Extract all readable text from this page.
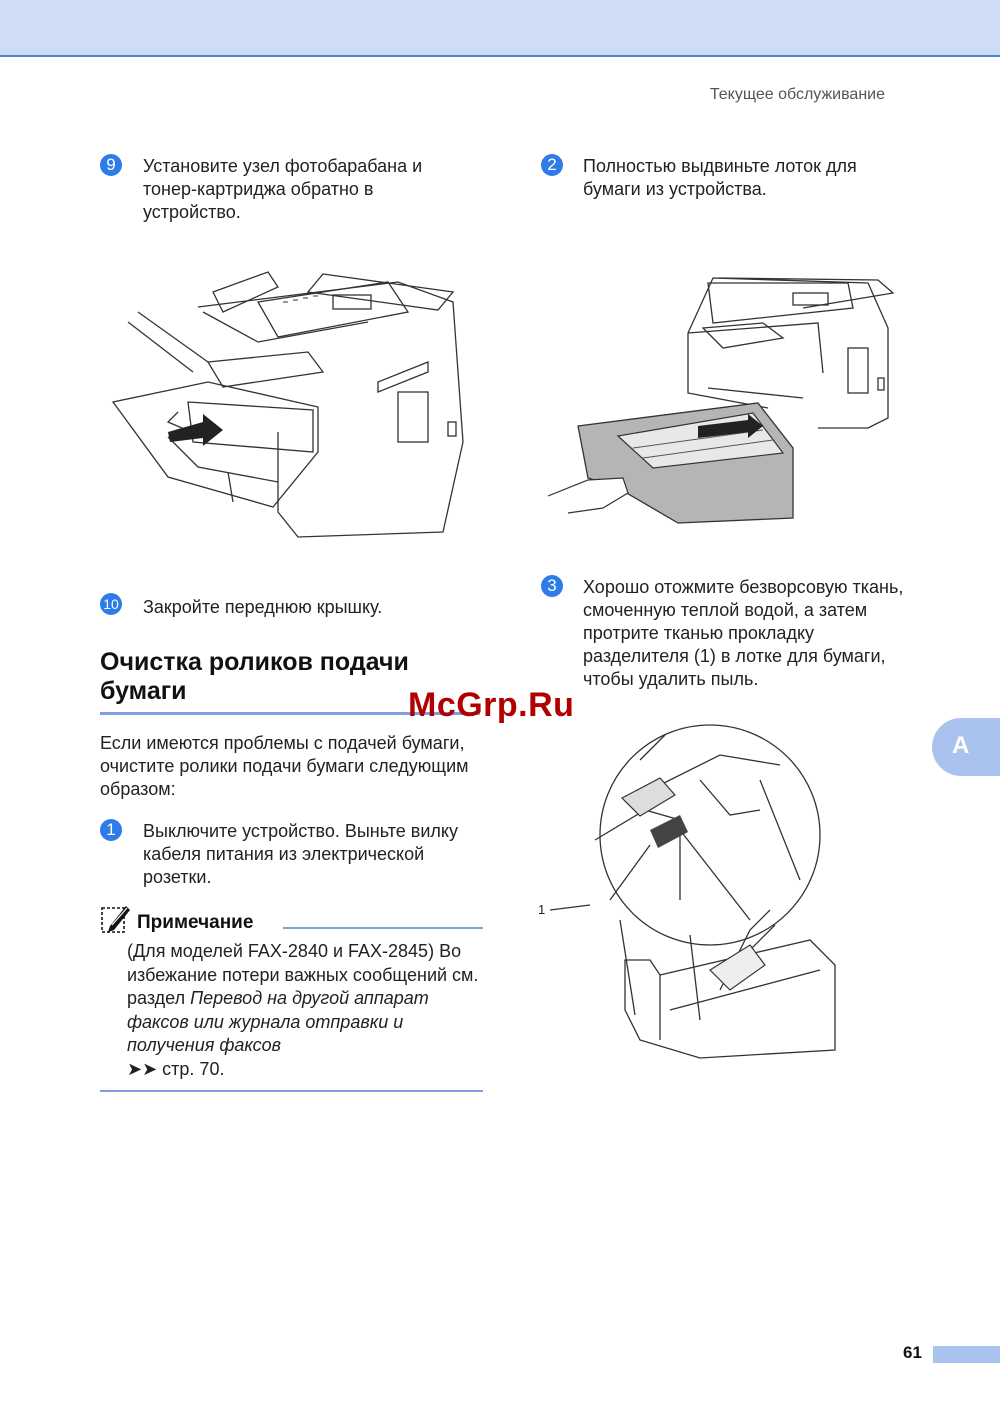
Текущее обслуживание
9	Установите узел фотобарабана и тонер-картриджа обратно в устройство.
10 Закройте переднюю крышку.
Очистка роликов подачи бумаги
Если имеются проблемы с подачей бумаги, очистите ролики подачи бумаги следующим образом:
1	Выключите устройство. Выньте вилку кабеля питания из электрической розетки.
Примечание
(Для моделей FAX-2840 и FAX-2845) Во избежание потери важных сообщений см. раздел Перевод на другой аппарат факсов или журнала отправки и получения факсов
➤➤ стр. 70.
2	Полностью выдвиньте лоток для бумаги из устройства.
3	Хорошо отожмите безворсовую ткань, смоченную теплой водой, а затем протрите тканью прокладку разделителя (1) в лотке для бумаги, чтобы удалить пыль.
1
A
McGrp.Ru
61
